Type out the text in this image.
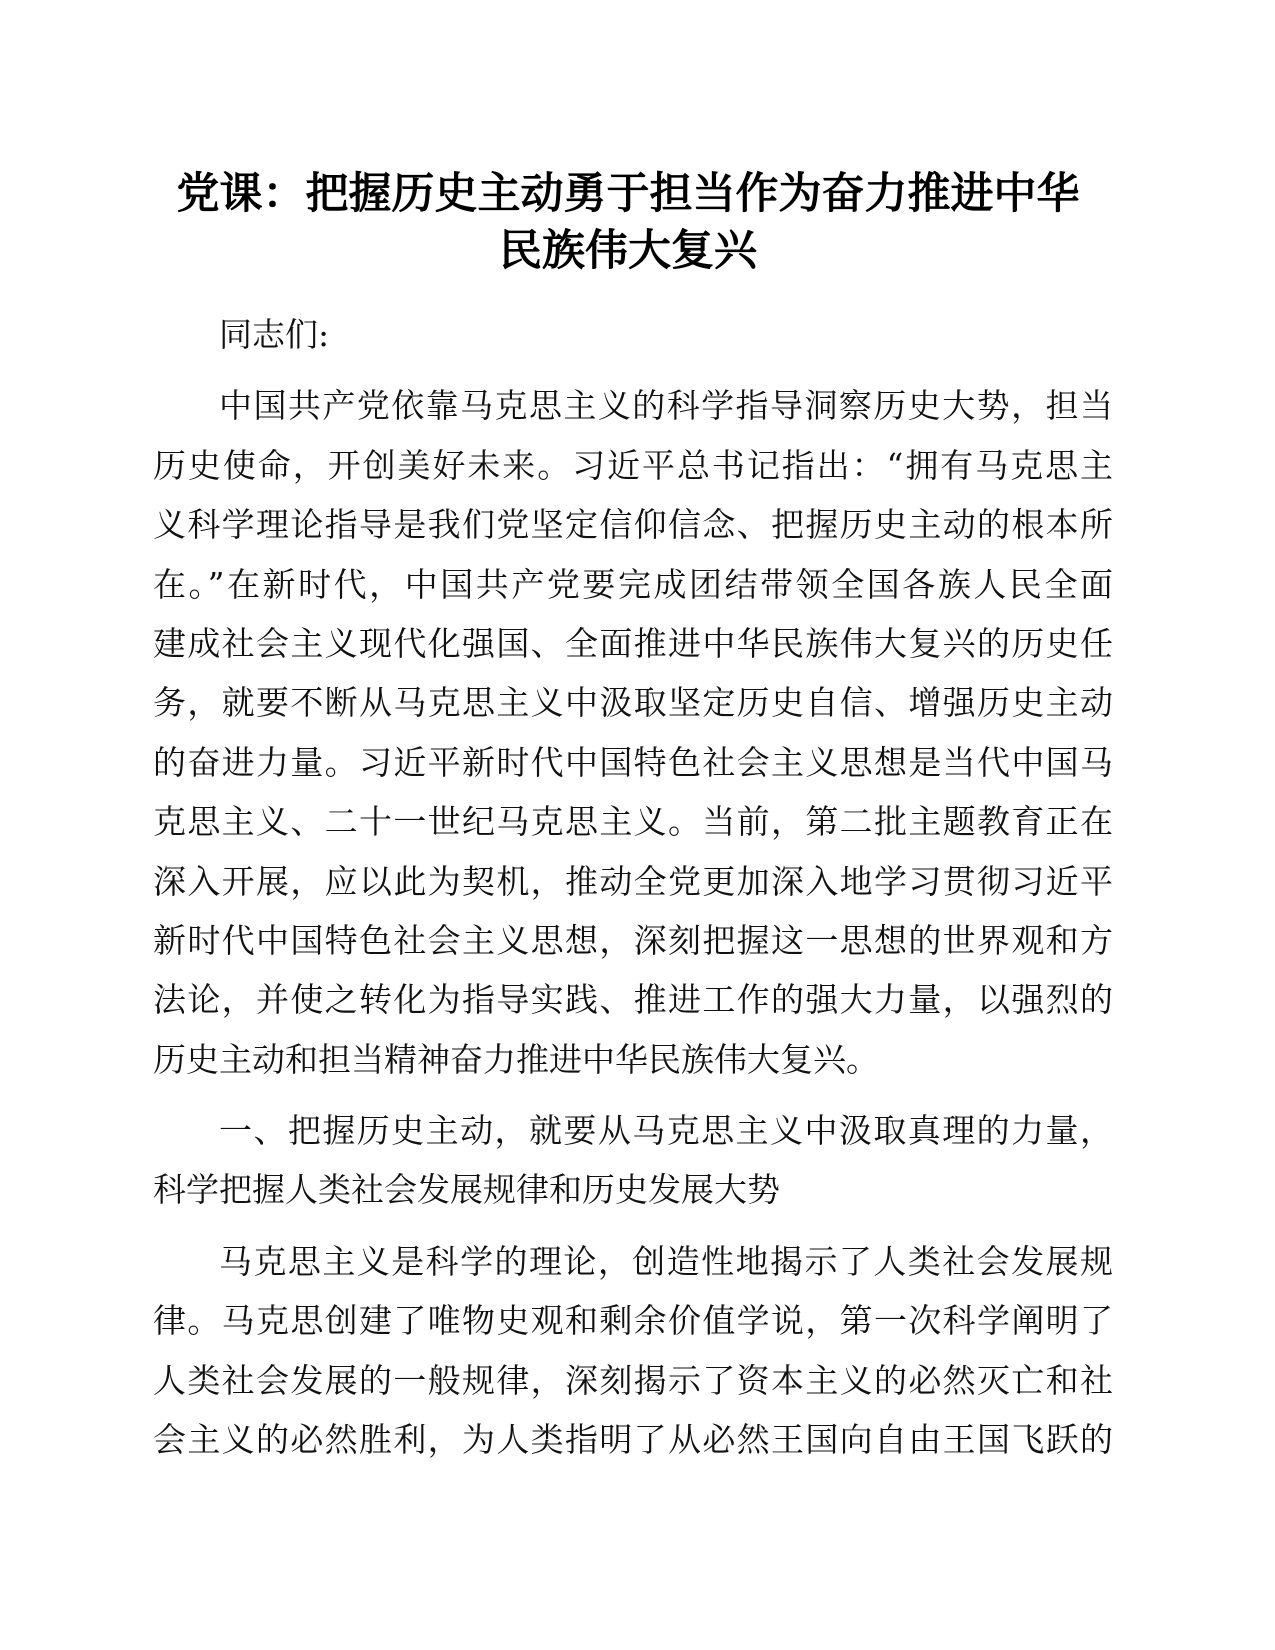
党课：把握历史主动勇于担当作为奋力推进中华
民族伟大复兴

同志们:

中国共产党依靠马克思主义的科学指导洞察历史大势，担当
历史使命，开创美好未来。习近平总书记指出：“拥有马克思主
义科学理论指导是我们党坚定信仰信念、把握历史主动的根本所
在。”在新时代，中国共产党要完成团结带领全国各族人民全面
建成社会主义现代化强国、全面推进中华民族伟大复兴的历史任
务，就要不断从马克思主义中汲取坚定历史自信、增强历史主动
的奋进力量。习近平新时代中国特色社会主义思想是当代中国马
克思主义、二十一世纪马克思主义。当前，第二批主题教育正在
深入开展，应以此为契机，推动全党更加深入地学习贯彻习近平
新时代中国特色社会主义思想，深刻把握这一思想的世界观和方
法论，并使之转化为指导实践、推进工作的强大力量，以强烈的
历史主动和担当精神奋力推进中华民族伟大复兴。

一、把握历史主动，就要从马克思主义中汲取真理的力量，
科学把握人类社会发展规律和历史发展大势

马克思主义是科学的理论，创造性地揭示了人类社会发展规
律。马克思创建了唯物史观和剩余价值学说，第一次科学阐明了
人类社会发展的一般规律，深刻揭示了资本主义的必然灭亡和社
会主义的必然胜利，为人类指明了从必然王国向自由王国飞跃的
